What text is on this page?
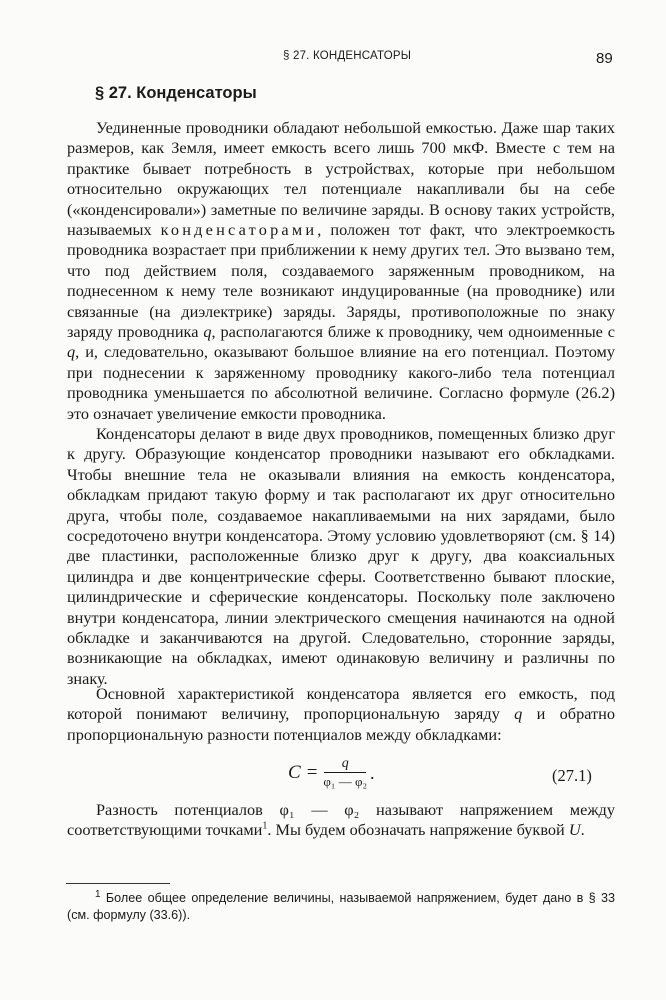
§ 27. КОНДЕНСАТОРЫ	89
§ 27. Конденсаторы

Уединенные проводники обладают небольшой емкостью. Даже шар таких размеров, как Земля, имеет емкость всего лишь 700 мкФ. Вместе с тем на практике бывает потребность в устройствах, которые при небольшом относительно окружающих тел потенциале накапливали бы на себе («конденсировали») заметные по величине заряды. В основу таких устройств, называемых конденсаторами, положен тот факт, что электроемкость проводника возрастает при приближении к нему других тел. Это вызвано тем, что под действием поля, создаваемого заряженным проводником, на поднесенном к нему теле возникают индуцированные (на проводнике) или связанные (на диэлектрике) заряды. Заряды, противоположные по знаку заряду проводника q, располагаются ближе к проводнику, чем одноименные с q, и, следовательно, оказывают большое влияние на его потенциал. Поэтому при поднесении к заряженному проводнику какого-либо тела потенциал проводника уменьшается по абсолютной величине. Согласно формуле (26.2) это означает увеличение емкости проводника.

Конденсаторы делают в виде двух проводников, помещенных близко друг к другу. Образующие конденсатор проводники называют его обкладками. Чтобы внешние тела не оказывали влияния на емкость конденсатора, обкладкам придают такую форму и так располагают их друг относительно друга, чтобы поле, создаваемое накапливаемыми на них зарядами, было сосредоточено внутри конденсатора. Этому условию удовлетворяют (см. § 14) две пластинки, расположенные близко друг к другу, два коаксиальных цилиндра и две концентрические сферы. Соответственно бывают плоские, цилиндрические и сферические конденсаторы. Поскольку поле заключено внутри конденсатора, линии электрического смещения начинаются на одной обкладке и заканчиваются на другой. Следовательно, сторонние заряды, возникающие на обкладках, имеют одинаковую величину и различны по знаку.

Основной характеристикой конденсатора является его емкость, под которой понимают величину, пропорциональную заряду q и обратно пропорциональную разности потенциалов между обкладками:

$C = \frac{q}{\text{φ₁ — φ₂}}$ .	(27.1)

Разность потенциалов φ₁ — φ₂ называют напряжением между соответствующими точками$^1$. Мы будем обозначать напряжение буквой U.

$^1$ Более общее определение величины, называемой напряжением, будет дано в § 33 (см. формулу (33.6)).
